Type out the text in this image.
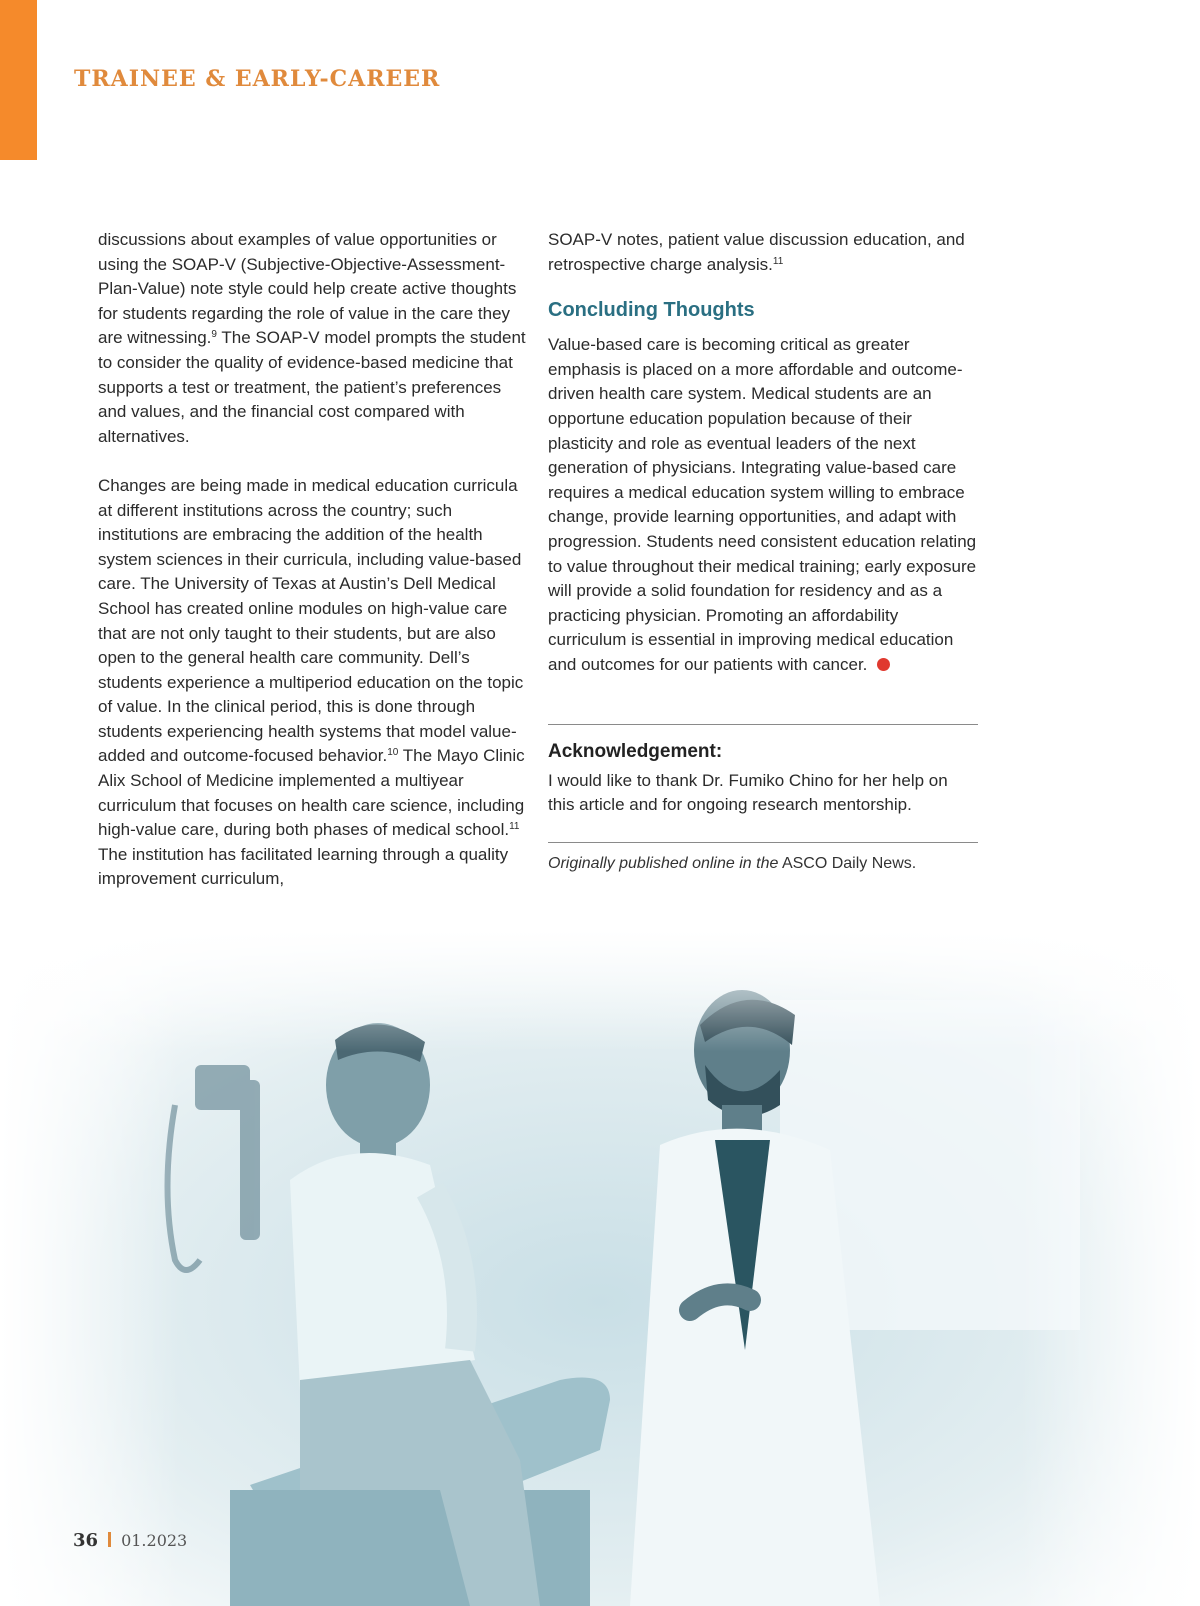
TRAINEE & EARLY-CAREER

discussions about examples of value opportunities or using the SOAP-V (Subjective-Objective-Assessment-Plan-Value) note style could help create active thoughts for students regarding the role of value in the care they are witnessing.$^9$ The SOAP-V model prompts the student to consider the quality of evidence-based medicine that supports a test or treatment, the patient’s preferences and values, and the financial cost compared with alternatives.

Changes are being made in medical education curricula at different institutions across the country; such institutions are embracing the addition of the health system sciences in their curricula, including value-based care. The University of Texas at Austin’s Dell Medical School has created online modules on high-value care that are not only taught to their students, but are also open to the general health care community. Dell’s students experience a multiperiod education on the topic of value. In the clinical period, this is done through students experiencing health systems that model value-added and outcome-focused behavior.$^{10}$ The Mayo Clinic Alix School of Medicine implemented a multiyear curriculum that focuses on health care science, including high-value care, during both phases of medical school.$^{11}$ The institution has facilitated learning through a quality improvement curriculum,

SOAP-V notes, patient value discussion education, and retrospective charge analysis.$^{11}$

Concluding Thoughts
Value-based care is becoming critical as greater emphasis is placed on a more affordable and outcome-driven health care system. Medical students are an opportune education population because of their plasticity and role as eventual leaders of the next generation of physicians. Integrating value-based care requires a medical education system willing to embrace change, provide learning opportunities, and adapt with progression. Students need consistent education relating to value throughout their medical training; early exposure will provide a solid foundation for residency and as a practicing physician. Promoting an affordability curriculum is essential in improving medical education and outcomes for our patients with cancer.
Acknowledgement:
I would like to thank Dr. Fumiko Chino for her help on this article and for ongoing research mentorship.
Originally published online in the ASCO Daily News.
36 01.2023
